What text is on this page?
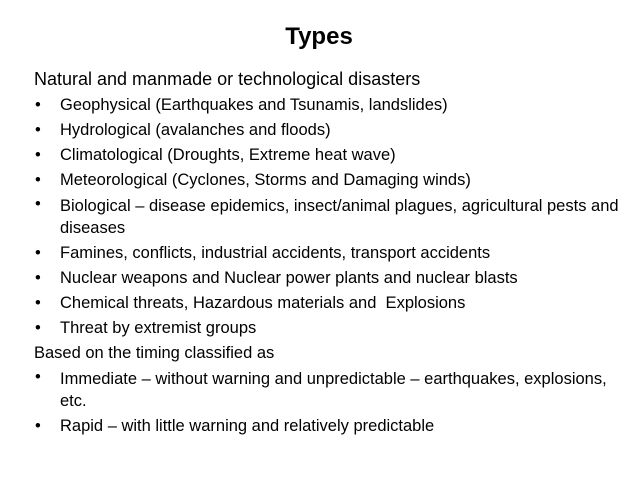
Types

Natural and manmade or technological disasters

• Geophysical (Earthquakes and Tsunamis, landslides)
• Hydrological (avalanches and floods)
• Climatological (Droughts, Extreme heat wave)
• Meteorological (Cyclones, Storms and Damaging winds)
• Biological – disease epidemics, insect/animal plagues, agricultural pests and diseases
• Famines, conflicts, industrial accidents, transport accidents
• Nuclear weapons and Nuclear power plants and nuclear blasts
• Chemical threats, Hazardous materials and  Explosions
• Threat by extremist groups

Based on the timing classified as

• Immediate – without warning and unpredictable – earthquakes, explosions, etc.
• Rapid – with little warning and relatively predictable
